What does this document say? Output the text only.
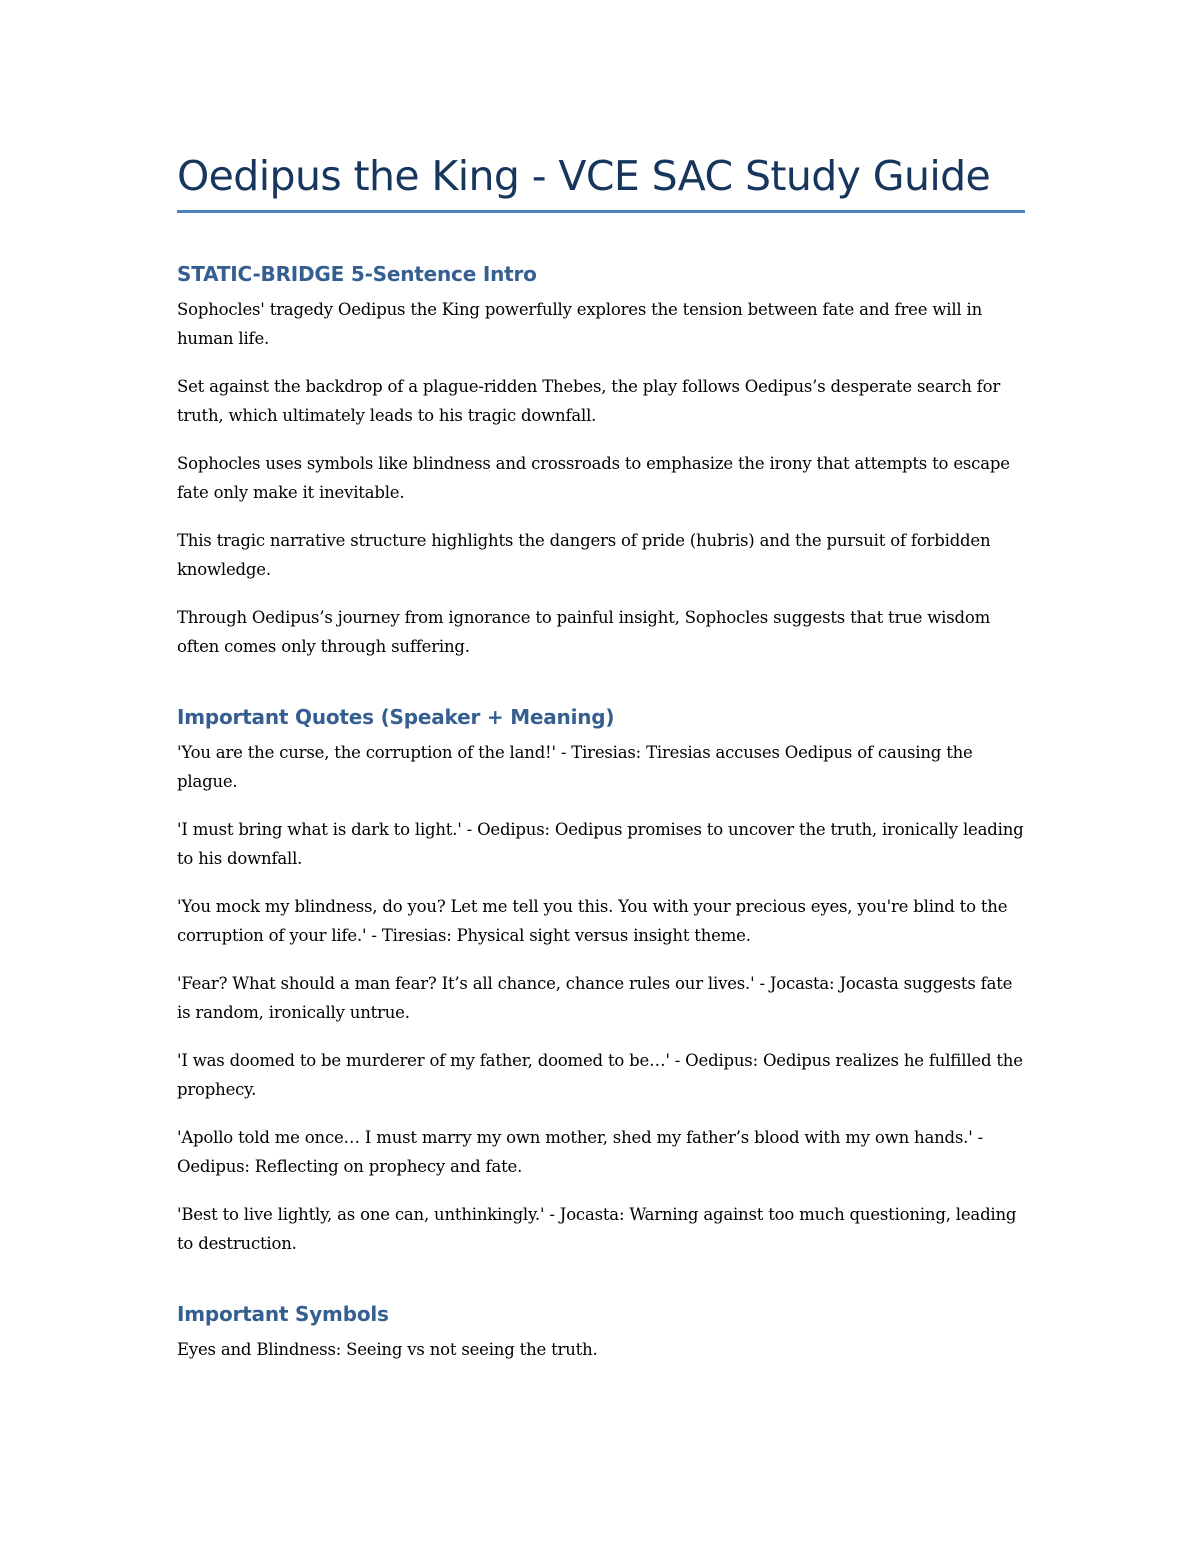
Oedipus the King - VCE SAC Study Guide
STATIC-BRIDGE 5-Sentence Intro

Sophocles' tragedy Oedipus the King powerfully explores the tension between fate and free will in human life.

Set against the backdrop of a plague-ridden Thebes, the play follows Oedipus’s desperate search for truth, which ultimately leads to his tragic downfall.

Sophocles uses symbols like blindness and crossroads to emphasize the irony that attempts to escape fate only make it inevitable.

This tragic narrative structure highlights the dangers of pride (hubris) and the pursuit of forbidden knowledge.

Through Oedipus’s journey from ignorance to painful insight, Sophocles suggests that true wisdom often comes only through suffering.

Important Quotes (Speaker + Meaning)

'You are the curse, the corruption of the land!' - Tiresias: Tiresias accuses Oedipus of causing the plague.

'I must bring what is dark to light.' - Oedipus: Oedipus promises to uncover the truth, ironically leading to his downfall.

'You mock my blindness, do you? Let me tell you this. You with your precious eyes, you're blind to the corruption of your life.' - Tiresias: Physical sight versus insight theme.

'Fear? What should a man fear? It’s all chance, chance rules our lives.' - Jocasta: Jocasta suggests fate is random, ironically untrue.

'I was doomed to be murderer of my father, doomed to be…' - Oedipus: Oedipus realizes he fulfilled the prophecy.

'Apollo told me once… I must marry my own mother, shed my father’s blood with my own hands.' - Oedipus: Reflecting on prophecy and fate.

'Best to live lightly, as one can, unthinkingly.' - Jocasta: Warning against too much questioning, leading to destruction.

Important Symbols

Eyes and Blindness: Seeing vs not seeing the truth.
